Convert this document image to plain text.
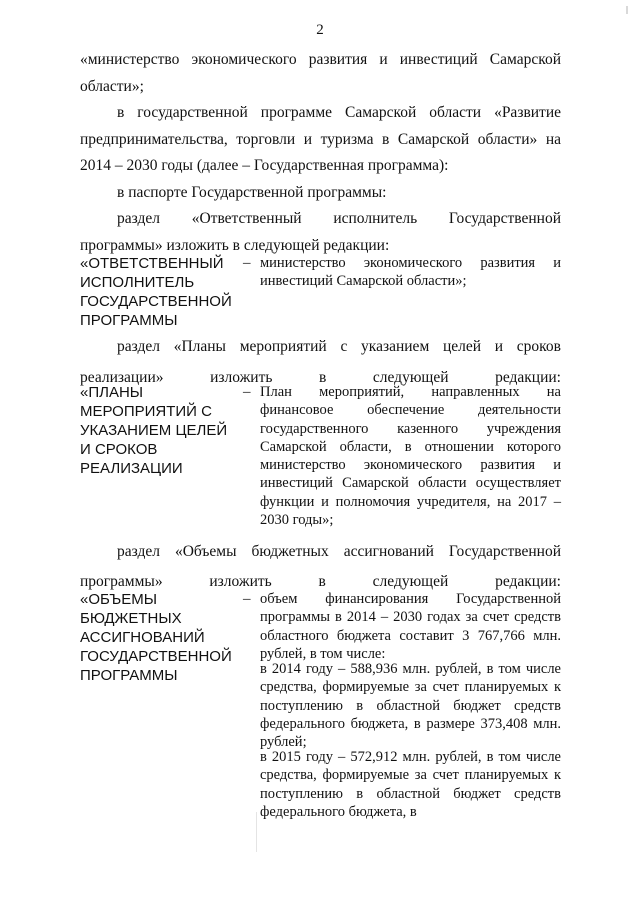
2
«министерство экономического развития и инвестиций Самарской области»;
в государственной программе Самарской области «Развитие предпринимательства, торговли и туризма в Самарской области» на 2014 – 2030 годы (далее – Государственная программа):
в паспорте Государственной программы:
раздел «Ответственный исполнитель Государственной программы» изложить в следующей редакции:
«ОТВЕТСТВЕННЫЙ ИСПОЛНИТЕЛЬ ГОСУДАРСТВЕННОЙ ПРОГРАММЫ
– министерство экономического развития и инвестиций Самарской области»;
раздел «Планы мероприятий с указанием целей и сроков реализации» изложить в следующей редакции:
«ПЛАНЫ МЕРОПРИЯТИЙ С УКАЗАНИЕМ ЦЕЛЕЙ И СРОКОВ РЕАЛИЗАЦИИ
– План мероприятий, направленных на финансовое обеспечение деятельности государственного казенного учреждения Самарской области, в отношении которого министерство экономического развития и инвестиций Самарской области осуществляет функции и полномочия учредителя, на 2017 – 2030 годы»;
раздел «Объемы бюджетных ассигнований Государственной программы» изложить в следующей редакции:
«ОБЪЕМЫ БЮДЖЕТНЫХ АССИГНОВАНИЙ ГОСУДАРСТВЕННОЙ ПРОГРАММЫ
– объем финансирования Государственной программы в 2014 – 2030 годах за счет средств областного бюджета составит 3 767,766 млн. рублей, в том числе:
в 2014 году – 588,936 млн. рублей, в том числе средства, формируемые за счет планируемых к поступлению в областной бюджет средств федерального бюджета, в размере 373,408 млн. рублей;
в 2015 году – 572,912 млн. рублей, в том числе средства, формируемые за счет планируемых к поступлению в областной бюджет средств федерального бюджета, в
